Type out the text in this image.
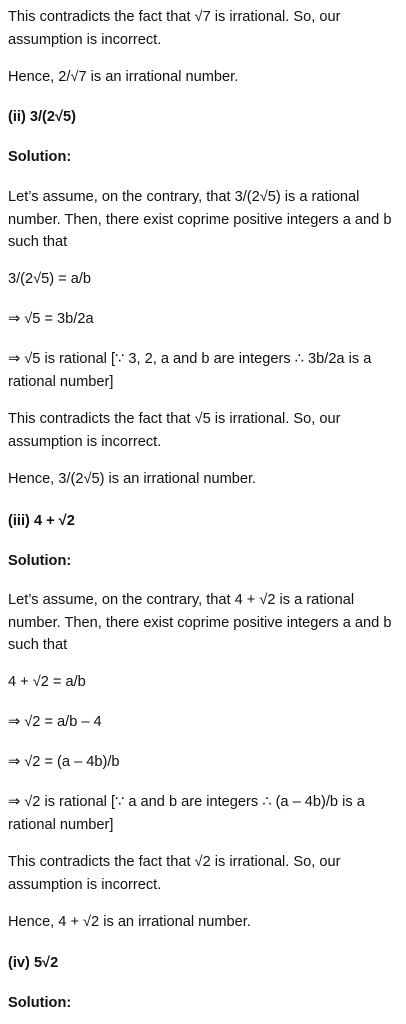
This contradicts the fact that √7 is irrational. So, our assumption is incorrect.
Hence, 2/√7 is an irrational number.
(ii) 3/(2√5)
Solution:
Let’s assume, on the contrary, that 3/(2√5) is a rational number. Then, there exist coprime positive integers a and b such that
3/(2√5) = a/b
⇒ √5 = 3b/2a
⇒ √5 is rational [∵ 3, 2, a and b are integers ∴ 3b/2a is a rational number]
This contradicts the fact that √5 is irrational. So, our assumption is incorrect.
Hence, 3/(2√5) is an irrational number.
(iii) 4 + √2
Solution:
Let’s assume, on the contrary, that 4 + √2 is a rational number. Then, there exist coprime positive integers a and b such that
4 + √2 = a/b
⇒ √2 = a/b – 4
⇒ √2 = (a – 4b)/b
⇒ √2 is rational [∵ a and b are integers ∴ (a – 4b)/b is a rational number]
This contradicts the fact that √2 is irrational. So, our assumption is incorrect.
Hence, 4 + √2 is an irrational number.
(iv) 5√2
Solution:
